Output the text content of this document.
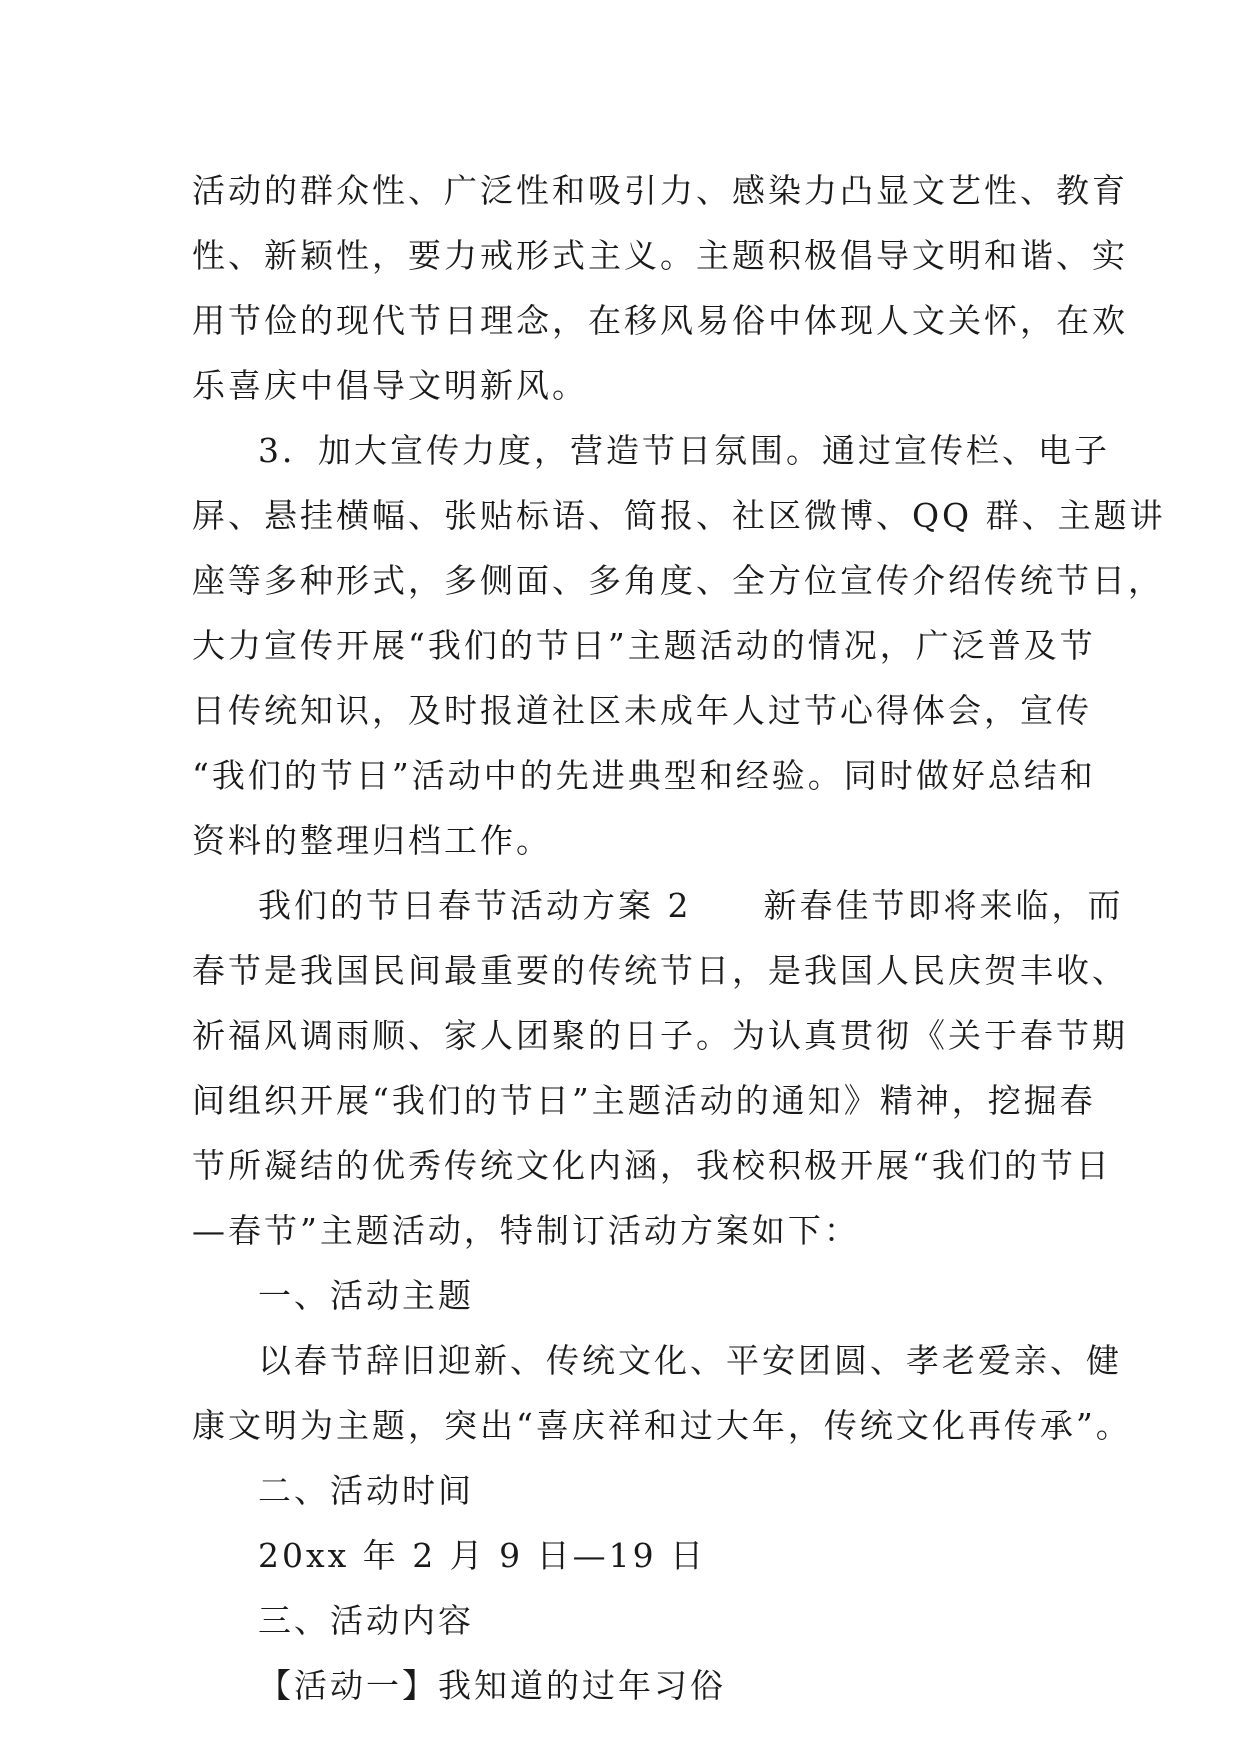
活动的群众性、广泛性和吸引力、感染力凸显文艺性、教育
性、新颖性，要力戒形式主义。主题积极倡导文明和谐、实
用节俭的现代节日理念，在移风易俗中体现人文关怀，在欢
乐喜庆中倡导文明新风。
3．加大宣传力度，营造节日氛围。通过宣传栏、电子
屏、悬挂横幅、张贴标语、简报、社区微博、QQ 群、主题讲
座等多种形式，多侧面、多角度、全方位宣传介绍传统节日，
大力宣传开展“我们的节日”主题活动的情况，广泛普及节
日传统知识，及时报道社区未成年人过节心得体会，宣传
“我们的节日”活动中的先进典型和经验。同时做好总结和
资料的整理归档工作。
我们的节日春节活动方案 2　　新春佳节即将来临，而
春节是我国民间最重要的传统节日，是我国人民庆贺丰收、
祈福风调雨顺、家人团聚的日子。为认真贯彻《关于春节期
间组织开展“我们的节日”主题活动的通知》精神，挖掘春
节所凝结的优秀传统文化内涵，我校积极开展“我们的节日
—春节”主题活动，特制订活动方案如下：
一、活动主题
以春节辞旧迎新、传统文化、平安团圆、孝老爱亲、健
康文明为主题，突出“喜庆祥和过大年，传统文化再传承”。
二、活动时间
20xx 年 2 月 9 日—19 日
三、活动内容
【活动一】我知道的过年习俗
